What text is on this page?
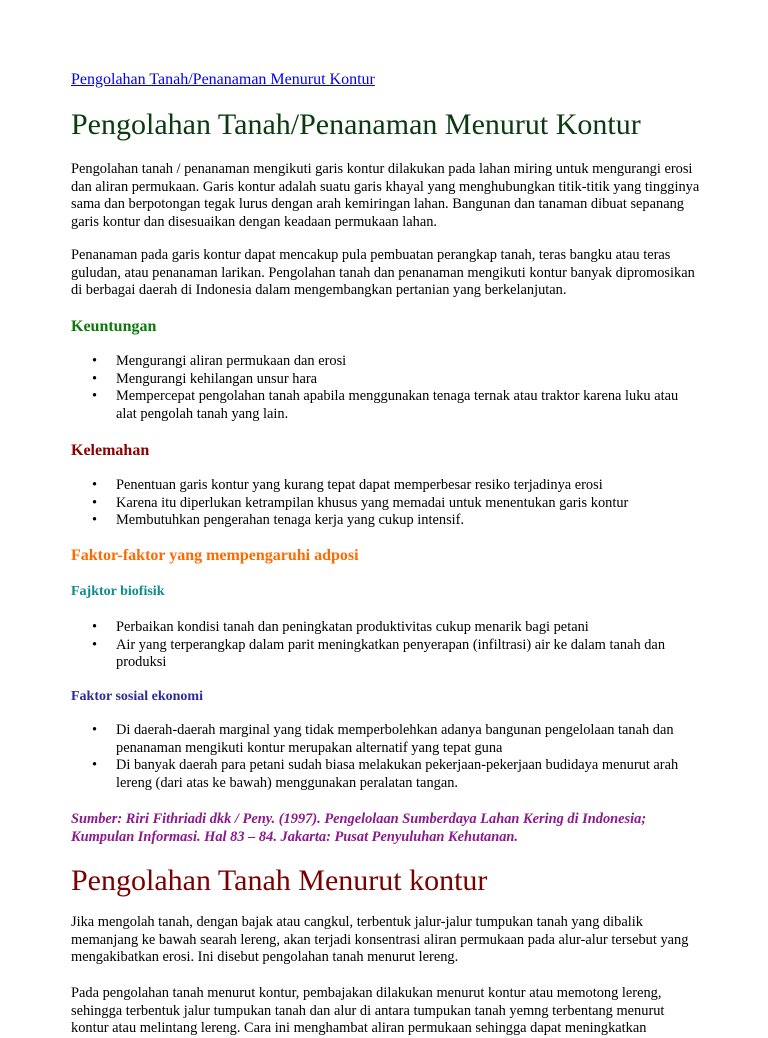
Pengolahan Tanah/Penanaman Menurut Kontur
Pengolahan Tanah/Penanaman Menurut Kontur

Pengolahan tanah / penanaman mengikuti garis kontur dilakukan pada lahan miring untuk mengurangi erosi dan aliran permukaan. Garis kontur adalah suatu garis khayal yang menghubungkan titik-titik yang tingginya sama dan berpotongan tegak lurus dengan arah kemiringan lahan. Bangunan dan tanaman dibuat sepanang garis kontur dan disesuaikan dengan keadaan permukaan lahan.

Penanaman pada garis kontur dapat mencakup pula pembuatan perangkap tanah, teras bangku atau teras guludan, atau penanaman larikan. Pengolahan tanah dan penanaman mengikuti kontur banyak dipromosikan di berbagai daerah di Indonesia dalam mengembangkan pertanian yang berkelanjutan.

Keuntungan
• Mengurangi aliran permukaan dan erosi
• Mengurangi kehilangan unsur hara
• Mempercepat pengolahan tanah apabila menggunakan tenaga ternak atau traktor karena luku atau alat pengolah tanah yang lain.
Kelemahan
• Penentuan garis kontur yang kurang tepat dapat memperbesar resiko terjadinya erosi
• Karena itu diperlukan ketrampilan khusus yang memadai untuk menentukan garis kontur
• Membutuhkan pengerahan tenaga kerja yang cukup intensif.
Faktor-faktor yang mempengaruhi adposi
Fajktor biofisik
• Perbaikan kondisi tanah dan peningkatan produktivitas cukup menarik bagi petani
• Air yang terperangkap dalam parit meningkatkan penyerapan (infiltrasi) air ke dalam tanah dan produksi
Faktor sosial ekonomi
• Di daerah-daerah marginal yang tidak memperbolehkan adanya bangunan pengelolaan tanah dan penanaman mengikuti kontur merupakan alternatif yang tepat guna
• Di banyak daerah para petani sudah biasa melakukan pekerjaan-pekerjaan budidaya menurut arah lereng (dari atas ke bawah) menggunakan peralatan tangan.

Sumber: Riri Fithriadi dkk / Peny. (1997). Pengelolaan Sumberdaya Lahan Kering di Indonesia; Kumpulan Informasi. Hal 83 – 84. Jakarta: Pusat Penyuluhan Kehutanan.

Pengolahan Tanah Menurut kontur

Jika mengolah tanah, dengan bajak atau cangkul, terbentuk jalur-jalur tumpukan tanah yang dibalik memanjang ke bawah searah lereng, akan terjadi konsentrasi aliran permukaan pada alur-alur tersebut yang mengakibatkan erosi. Ini disebut pengolahan tanah menurut lereng.

Pada pengolahan tanah menurut kontur, pembajakan dilakukan menurut kontur atau memotong lereng, sehingga terbentuk jalur tumpukan tanah dan alur di antara tumpukan tanah yemng terbentang menurut kontur atau melintang lereng. Cara ini menghambat aliran permukaan sehingga dapat meningkatkan
